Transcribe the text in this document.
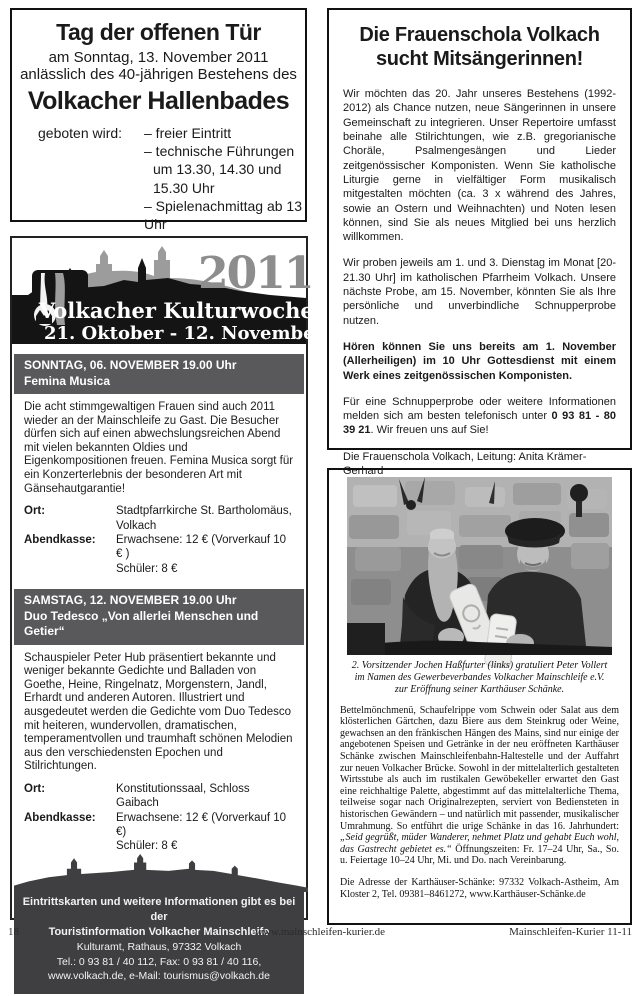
Tag der offenen Tür
am Sonntag, 13. November 2011
anlässlich des 40-jährigen Bestehens des
Volkacher Hallenbades
geboten wird: – freier Eintritt
– technische Führungen
um 13.30, 14.30 und 15.30 Uhr
– Spielenachmittag ab 13 Uhr
2011
Volkacher Kulturwochen
21. Oktober - 12. November
SONNTAG, 06. NOVEMBER 19.00 Uhr
Femina Musica
Die acht stimmgewaltigen Frauen sind auch 2011 wieder an der Mainschleife zu Gast. Die Besucher dürfen sich auf einen abwechslungsreichen Abend mit vielen bekannten Oldies und Eigenkompositionen freuen. Femina Musica sorgt für ein Konzerterlebnis der besonderen Art mit Gänsehautgarantie!
Ort:	Stadtpfarrkirche St. Bartholomäus,
Volkach
Abendkasse:	Erwachsene: 12 € (Vorverkauf 10 € )
Schüler: 8 €
SAMSTAG, 12. NOVEMBER 19.00 Uhr
Duo Tedesco „Von allerlei Menschen und Getier“
Schauspieler Peter Hub präsentiert bekannte und weniger bekannte Gedichte und Balladen von Goethe, Heine, Ringelnatz, Morgenstern, Jandl, Erhardt und anderen Autoren. Illustriert und ausgedeutet werden die Gedichte vom Duo Tedesco mit heiteren, wundervollen, dramatischen, temperamentvollen und traumhaft schönen Melodien aus den verschiedensten Epochen und Stilrichtungen.
Ort:	Konstitutionssaal, Schloss Gaibach
Abendkasse:	Erwachsene: 12 € (Vorverkauf 10 €)
Schüler: 8 €
Eintrittskarten und weitere Informationen gibt es bei der
Touristinformation Volkacher Mainschleife
Kulturamt, Rathaus, 97332 Volkach
Tel.: 0 93 81 / 40 112, Fax: 0 93 81 / 40 116,
www.volkach.de, e-Mail: tourismus@volkach.de
Die Frauenschola Volkach
sucht Mitsängerinnen!

Wir möchten das 20. Jahr unseres Bestehens (1992-2012) als Chance nutzen, neue Sängerinnen in unsere Gemeinschaft zu integrieren. Unser Repertoire umfasst beinahe alle Stilrichtungen, wie z.B. gregorianische Choräle, Psalmengesängen und Lieder zeitgenössischer Komponisten. Wenn Sie katholische Liturgie gerne in vielfältiger Form musikalisch mitgestalten möchten (ca. 3 x während des Jahres, sowie an Ostern und Weihnachten) und Noten lesen können, sind Sie als neues Mitglied bei uns herzlich willkommen.

Wir proben jeweils am 1. und 3. Dienstag im Monat [20-21.30 Uhr] im katholischen Pfarrheim Volkach. Unsere nächste Probe, am 15. November, könnten Sie als Ihre persönliche und unverbindliche Schnupperprobe nutzen.

Hören können Sie uns bereits am 1. November (Allerheiligen) im 10 Uhr Gottesdienst mit einem Werk eines zeitgenössischen Komponisten.

Für eine Schnupperprobe oder weitere Informationen melden sich am besten telefonisch unter 0 93 81 - 80 39 21. Wir freuen uns auf Sie!

Die Frauenschola Volkach, Leitung: Anita Krämer-Gerhard

2. Vorsitzender Jochen Haßfurter (links) gratuliert Peter Vollert
im Namen des Gewerbeverbandes Volkacher Mainschleife e.V.
zur Eröffnung seiner Karthäuser Schänke.

Bettelmönchmenü, Schaufelrippe vom Schwein oder Salat aus dem klösterlichen Gärtchen, dazu Biere aus dem Steinkrug oder Weine, gewachsen an den fränkischen Hängen des Mains, sind nur einige der angebotenen Speisen und Getränke in der neu eröffneten Karthäuser Schänke zwischen Mainschleifenbahn-Haltestelle und der Auffahrt zur neuen Volkacher Brücke. Sowohl in der mittelalterlich gestalteten Wirtsstube als auch im rustikalen Gewöbekeller erwartet den Gast eine reichhaltige Palette, abgestimmt auf das mittelalterliche Thema, teilweise sogar nach Originalrezepten, serviert von Bediensteten in historischen Gewändern – und natürlich mit passender, musikalischer Umrahmung. So entführt die urige Schänke in das 16. Jahrhundert: „Seid gegrüßt, müder Wanderer, nehmet Platz und gehabt Euch wohl, das Gastrecht gebietet es.“ Öffnungszeiten: Fr. 17–24 Uhr, Sa., So. u. Feiertage 10–24 Uhr, Mi. und Do. nach Vereinbarung.

Die Adresse der Karthäuser-Schänke: 97332 Volkach-Astheim, Am Kloster 2, Tel. 09381–8461272, www.Karthäuser-Schänke.de

18	www.mainschleifen-kurier.de	Mainschleifen-Kurier 11-11
